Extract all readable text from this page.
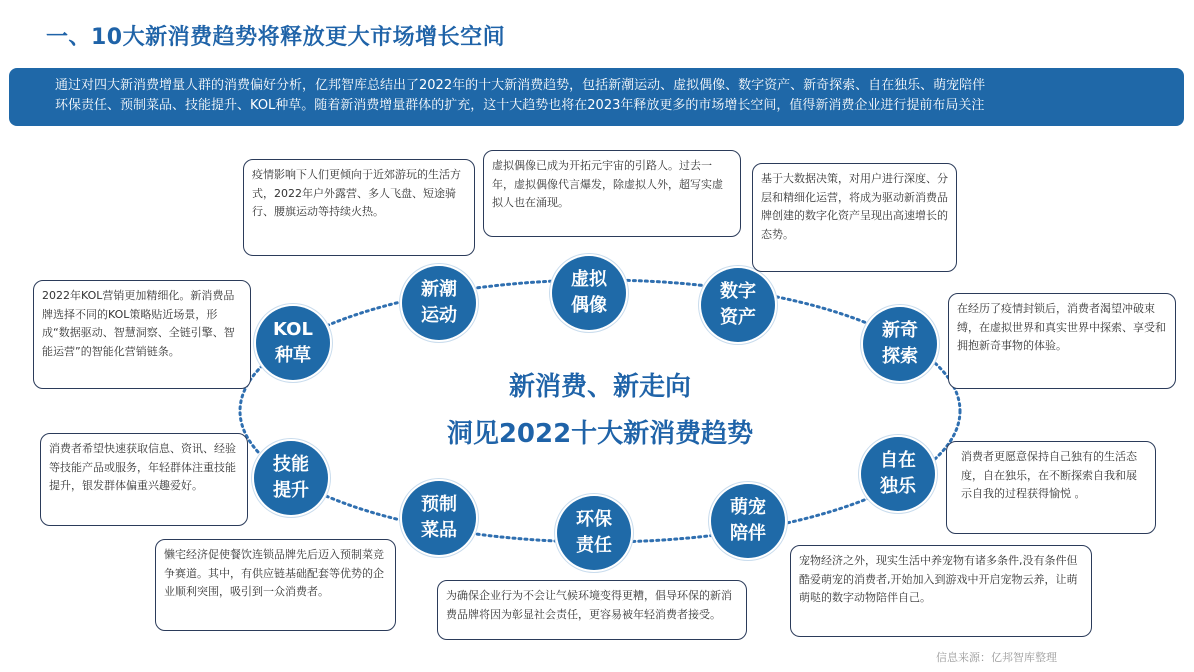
一、10大新消费趋势将释放更大市场增长空间
通过对四大新消费增量人群的消费偏好分析，亿邦智库总结出了2022年的十大新消费趋势，包括新潮运动、虚拟偶像、数字资产、新奇探索、自在独乐、萌宠陪伴
环保责任、预制菜品、技能提升、KOL种草。随着新消费增量群体的扩充，这十大趋势也将在2023年释放更多的市场增长空间，值得新消费企业进行提前布局关注
新消费、新走向
洞见2022十大新消费趋势
新潮
运动
虚拟
偶像
数字
资产
新奇
探索
自在
独乐
萌宠
陪伴
环保
责任
预制
菜品
技能
提升
KOL
种草
疫情影响下人们更倾向于近郊游玩的生活方式，2022年户外露营、多人飞盘、短途骑行、腰旗运动等持续火热。
虚拟偶像已成为开拓元宇宙的引路人。过去一年，虚拟偶像代言爆发，除虚拟人外，超写实虚拟人也在涌现。
基于大数据决策，对用户进行深度、分层和精细化运营，将成为驱动新消费品牌创建的数字化资产呈现出高速增长的态势。
在经历了疫情封锁后，消费者渴望冲破束缚，在虚拟世界和真实世界中探索、享受和拥抱新奇事物的体验。
消费者更愿意保持自己独有的生活态度，自在独乐，在不断探索自我和展示自我的过程获得愉悦 。
宠物经济之外，现实生活中养宠物有诸多条件,没有条件但酷爱萌宠的消费者,开始加入到游戏中开启宠物云养，让萌萌哒的数字动物陪伴自己。
为确保企业行为不会让气候环境变得更糟，倡导环保的新消费品牌将因为彰显社会责任，更容易被年轻消费者接受。
懒宅经济促使餐饮连锁品牌先后迈入预制菜竞争赛道。其中，有供应链基础配套等优势的企业顺利突围，吸引到一众消费者。
消费者希望快速获取信息、资讯、经验等技能产品或服务，年轻群体注重技能提升，银发群体偏重兴趣爱好。
2022年KOL营销更加精细化。新消费品牌选择不同的KOL策略贴近场景，形成“数据驱动、智慧洞察、全链引擎、智能运营”的智能化营销链条。
信息来源：亿邦智库整理
